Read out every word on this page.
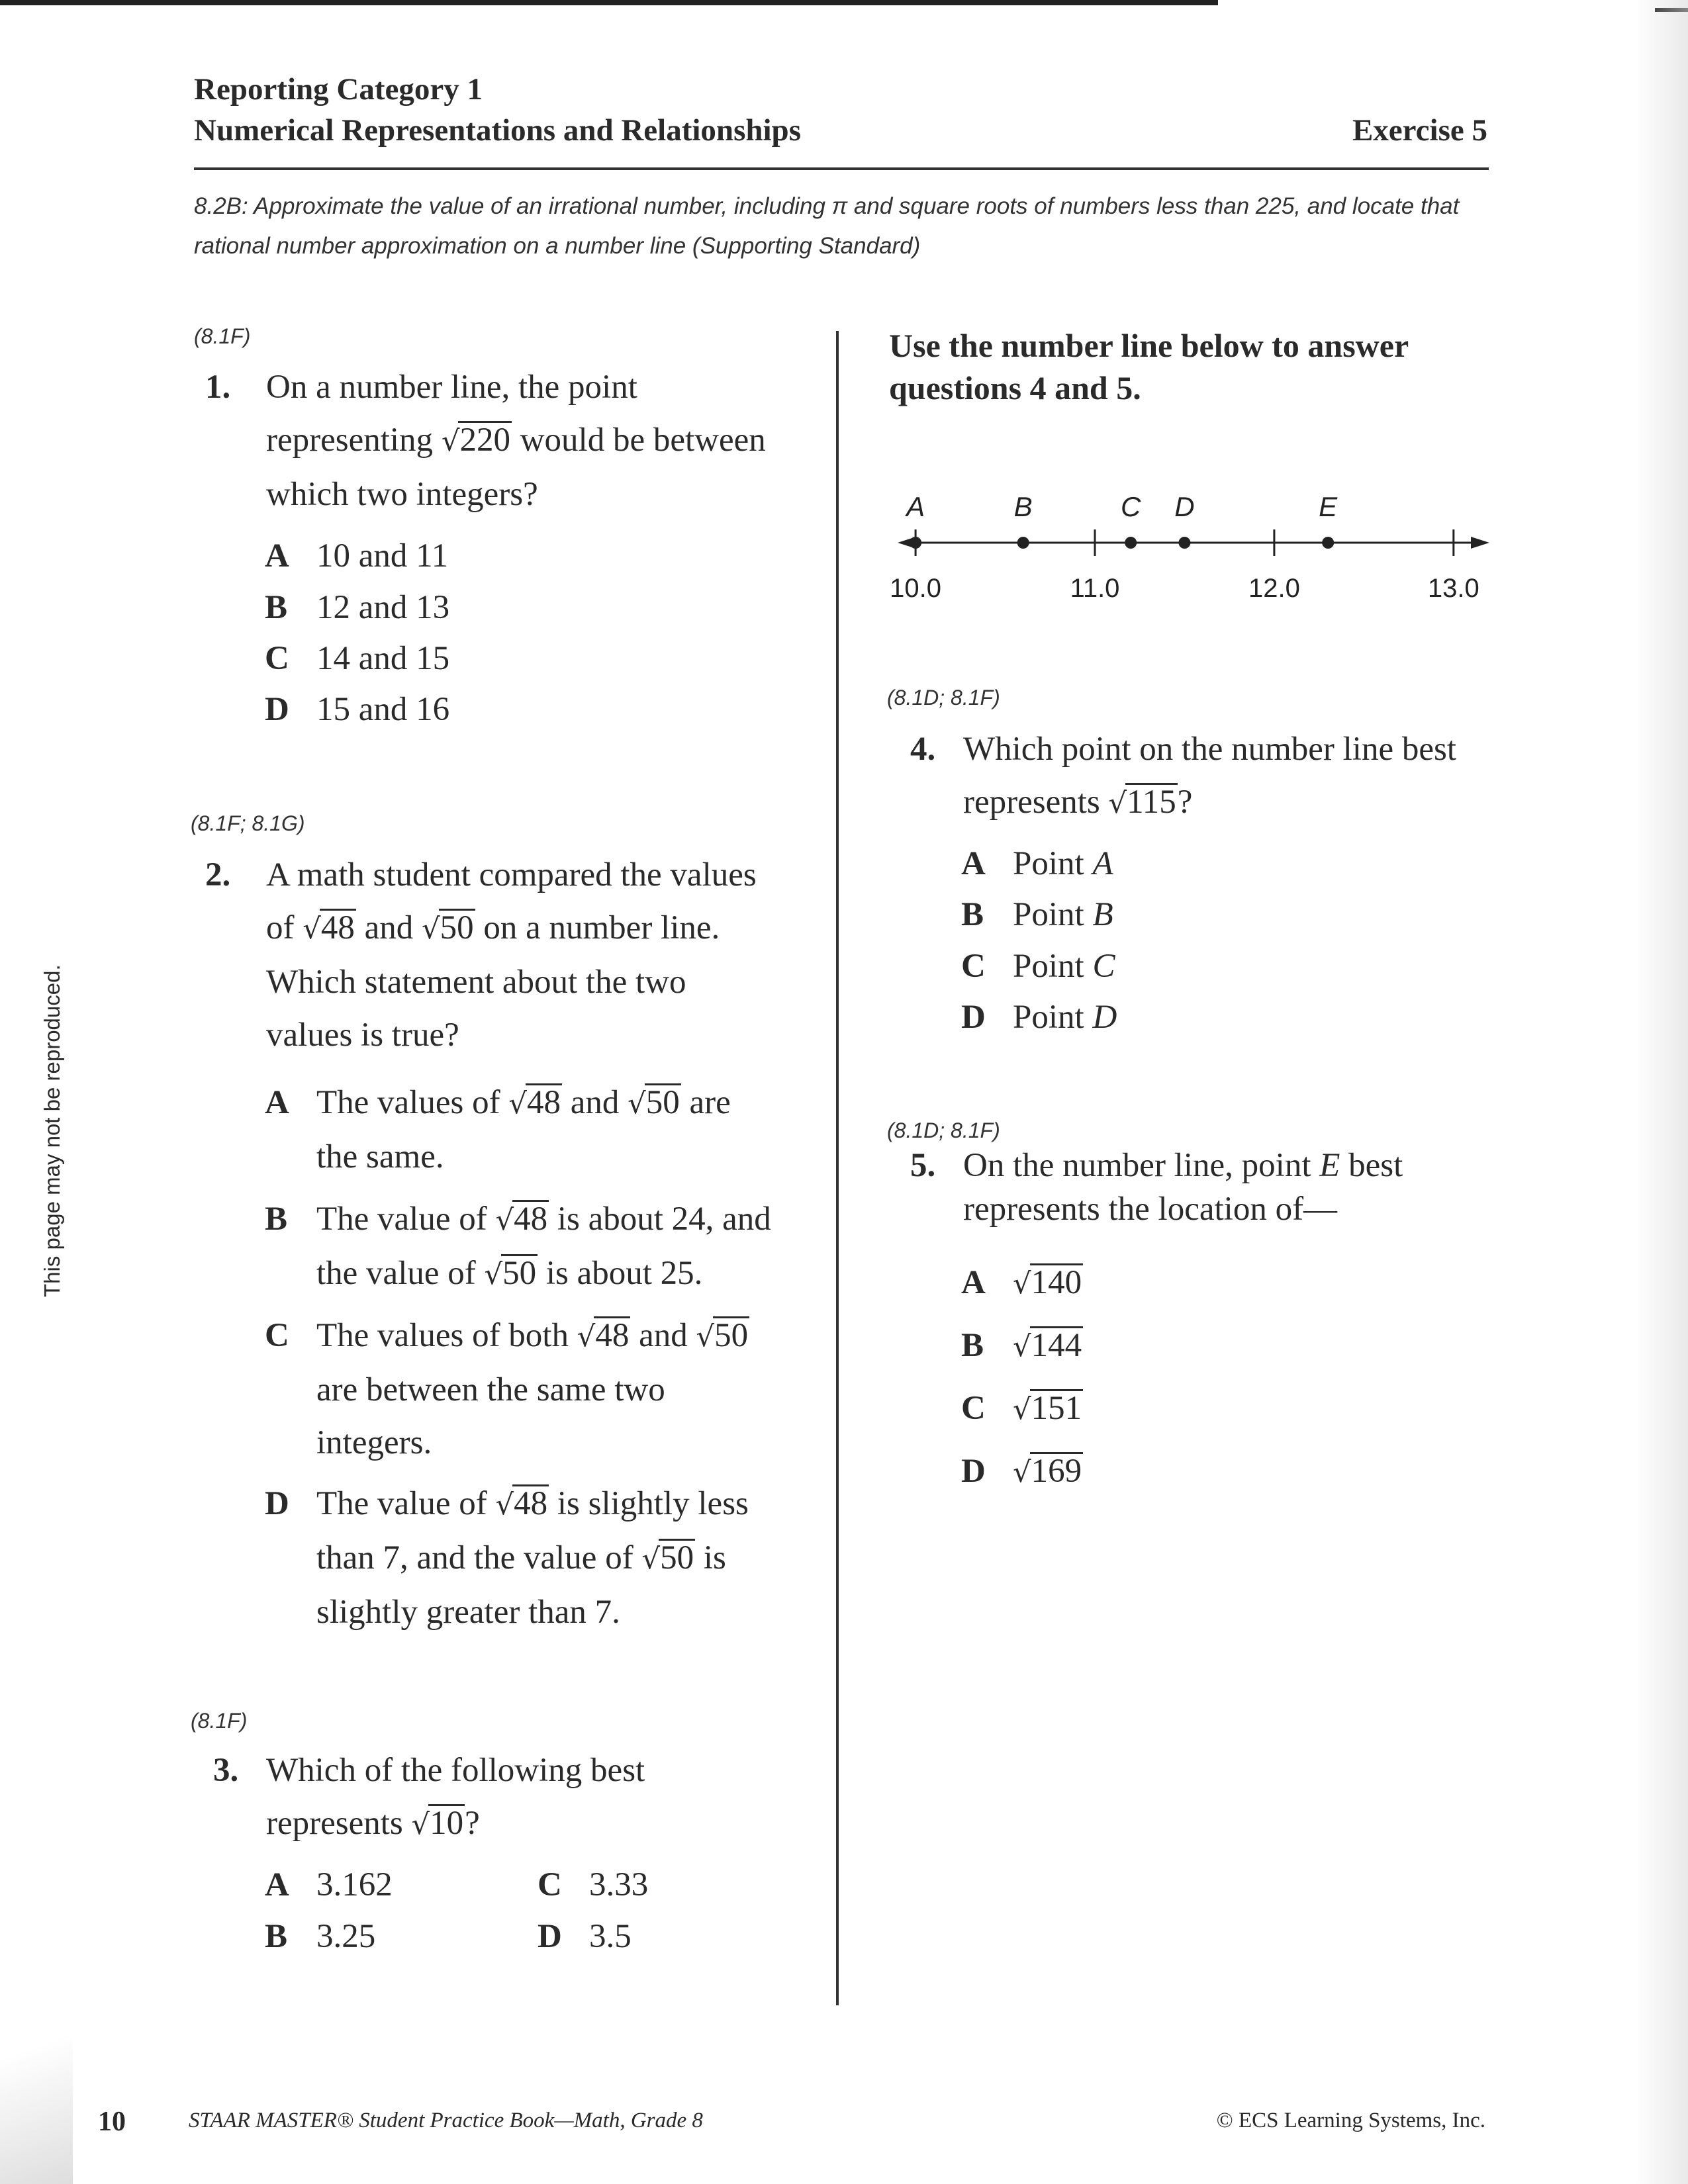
Reporting Category 1
Numerical Representations and Relationships	Exercise 5
8.2B: Approximate the value of an irrational number, including π and square roots of numbers less than 225, and locate that rational number approximation on a number line (Supporting Standard)
This page may not be reproduced.
(8.1F)
1. On a number line, the point
representing √220 would be between
which two integers?
A 10 and 11
B 12 and 13
C 14 and 15
D 15 and 16
(8.1F; 8.1G)
2. A math student compared the values
of √48 and √50 on a number line.
Which statement about the two
values is true?
A The values of √48 and √50 are
the same.
B The value of √48 is about 24, and
the value of √50 is about 25.
C The values of both √48 and √50
are between the same two
integers.
D The value of √48 is slightly less
than 7, and the value of √50 is
slightly greater than 7.
(8.1F)
3. Which of the following best
represents √10?
A 3.162
B 3.25
C 3.33
D 3.5
Use the number line below to answer
questions 4 and 5.
10.0	11.0	12.0	13.0
A	B	C D	E
(8.1D; 8.1F)
4. Which point on the number line best
represents √115?
A Point A
B Point B
C Point C
D Point D
(8.1D; 8.1F)
5. On the number line, point E best
represents the location of—
A √140
B √144
C √151
D √169
10	STAAR MASTER® Student Practice Book—Math, Grade 8	© ECS Learning Systems, Inc.
